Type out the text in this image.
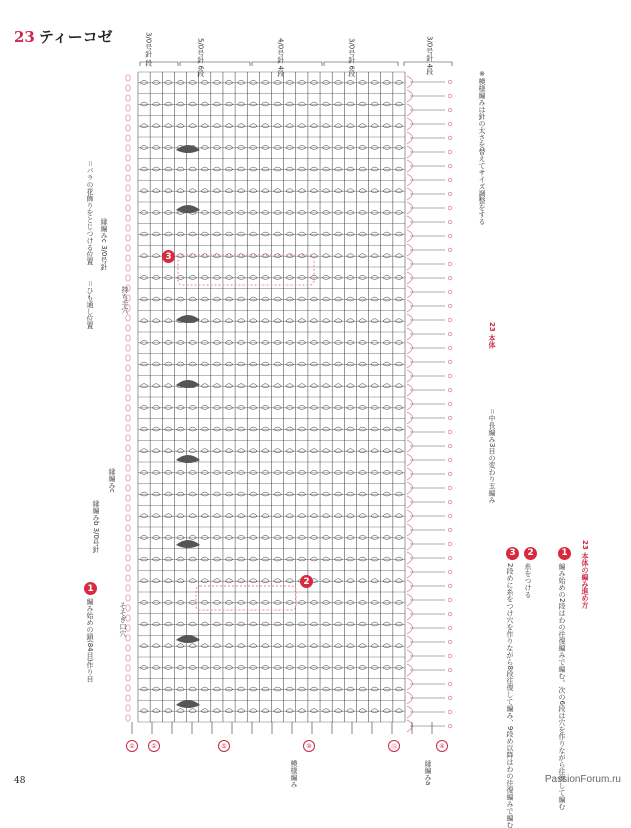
23 ティーコゼ	3/0号針 段	5/0号針 6段
4/0号針 4段
3/0号針 6段
3/0号針 4段
※模様編みは針の太さを替えてサイズ調整をする
23 本体
＝中長編み3目の変わり玉編み
＝バラの花飾りをとじつける位置
＝ひも通し位置
縁編みc 3/0号針
持ち手穴
縁編みc
縁編みb 3/0号針
そそぎ口穴
編み始めの鎖(84目)作り目
模様編み	縁編みa
23 本体の編み進め方
1
編み始めの2段はわの往復編みで編む。次の6段は穴を作りながら往復して編む
2
糸をつける
3
2段めに糸をつけ穴を作りながら8段往復して編み、9段め以降はわの往復編みで編む
3
2
1
①	①	⑤	⑩	⑮	④
48	PassionForum.ru
